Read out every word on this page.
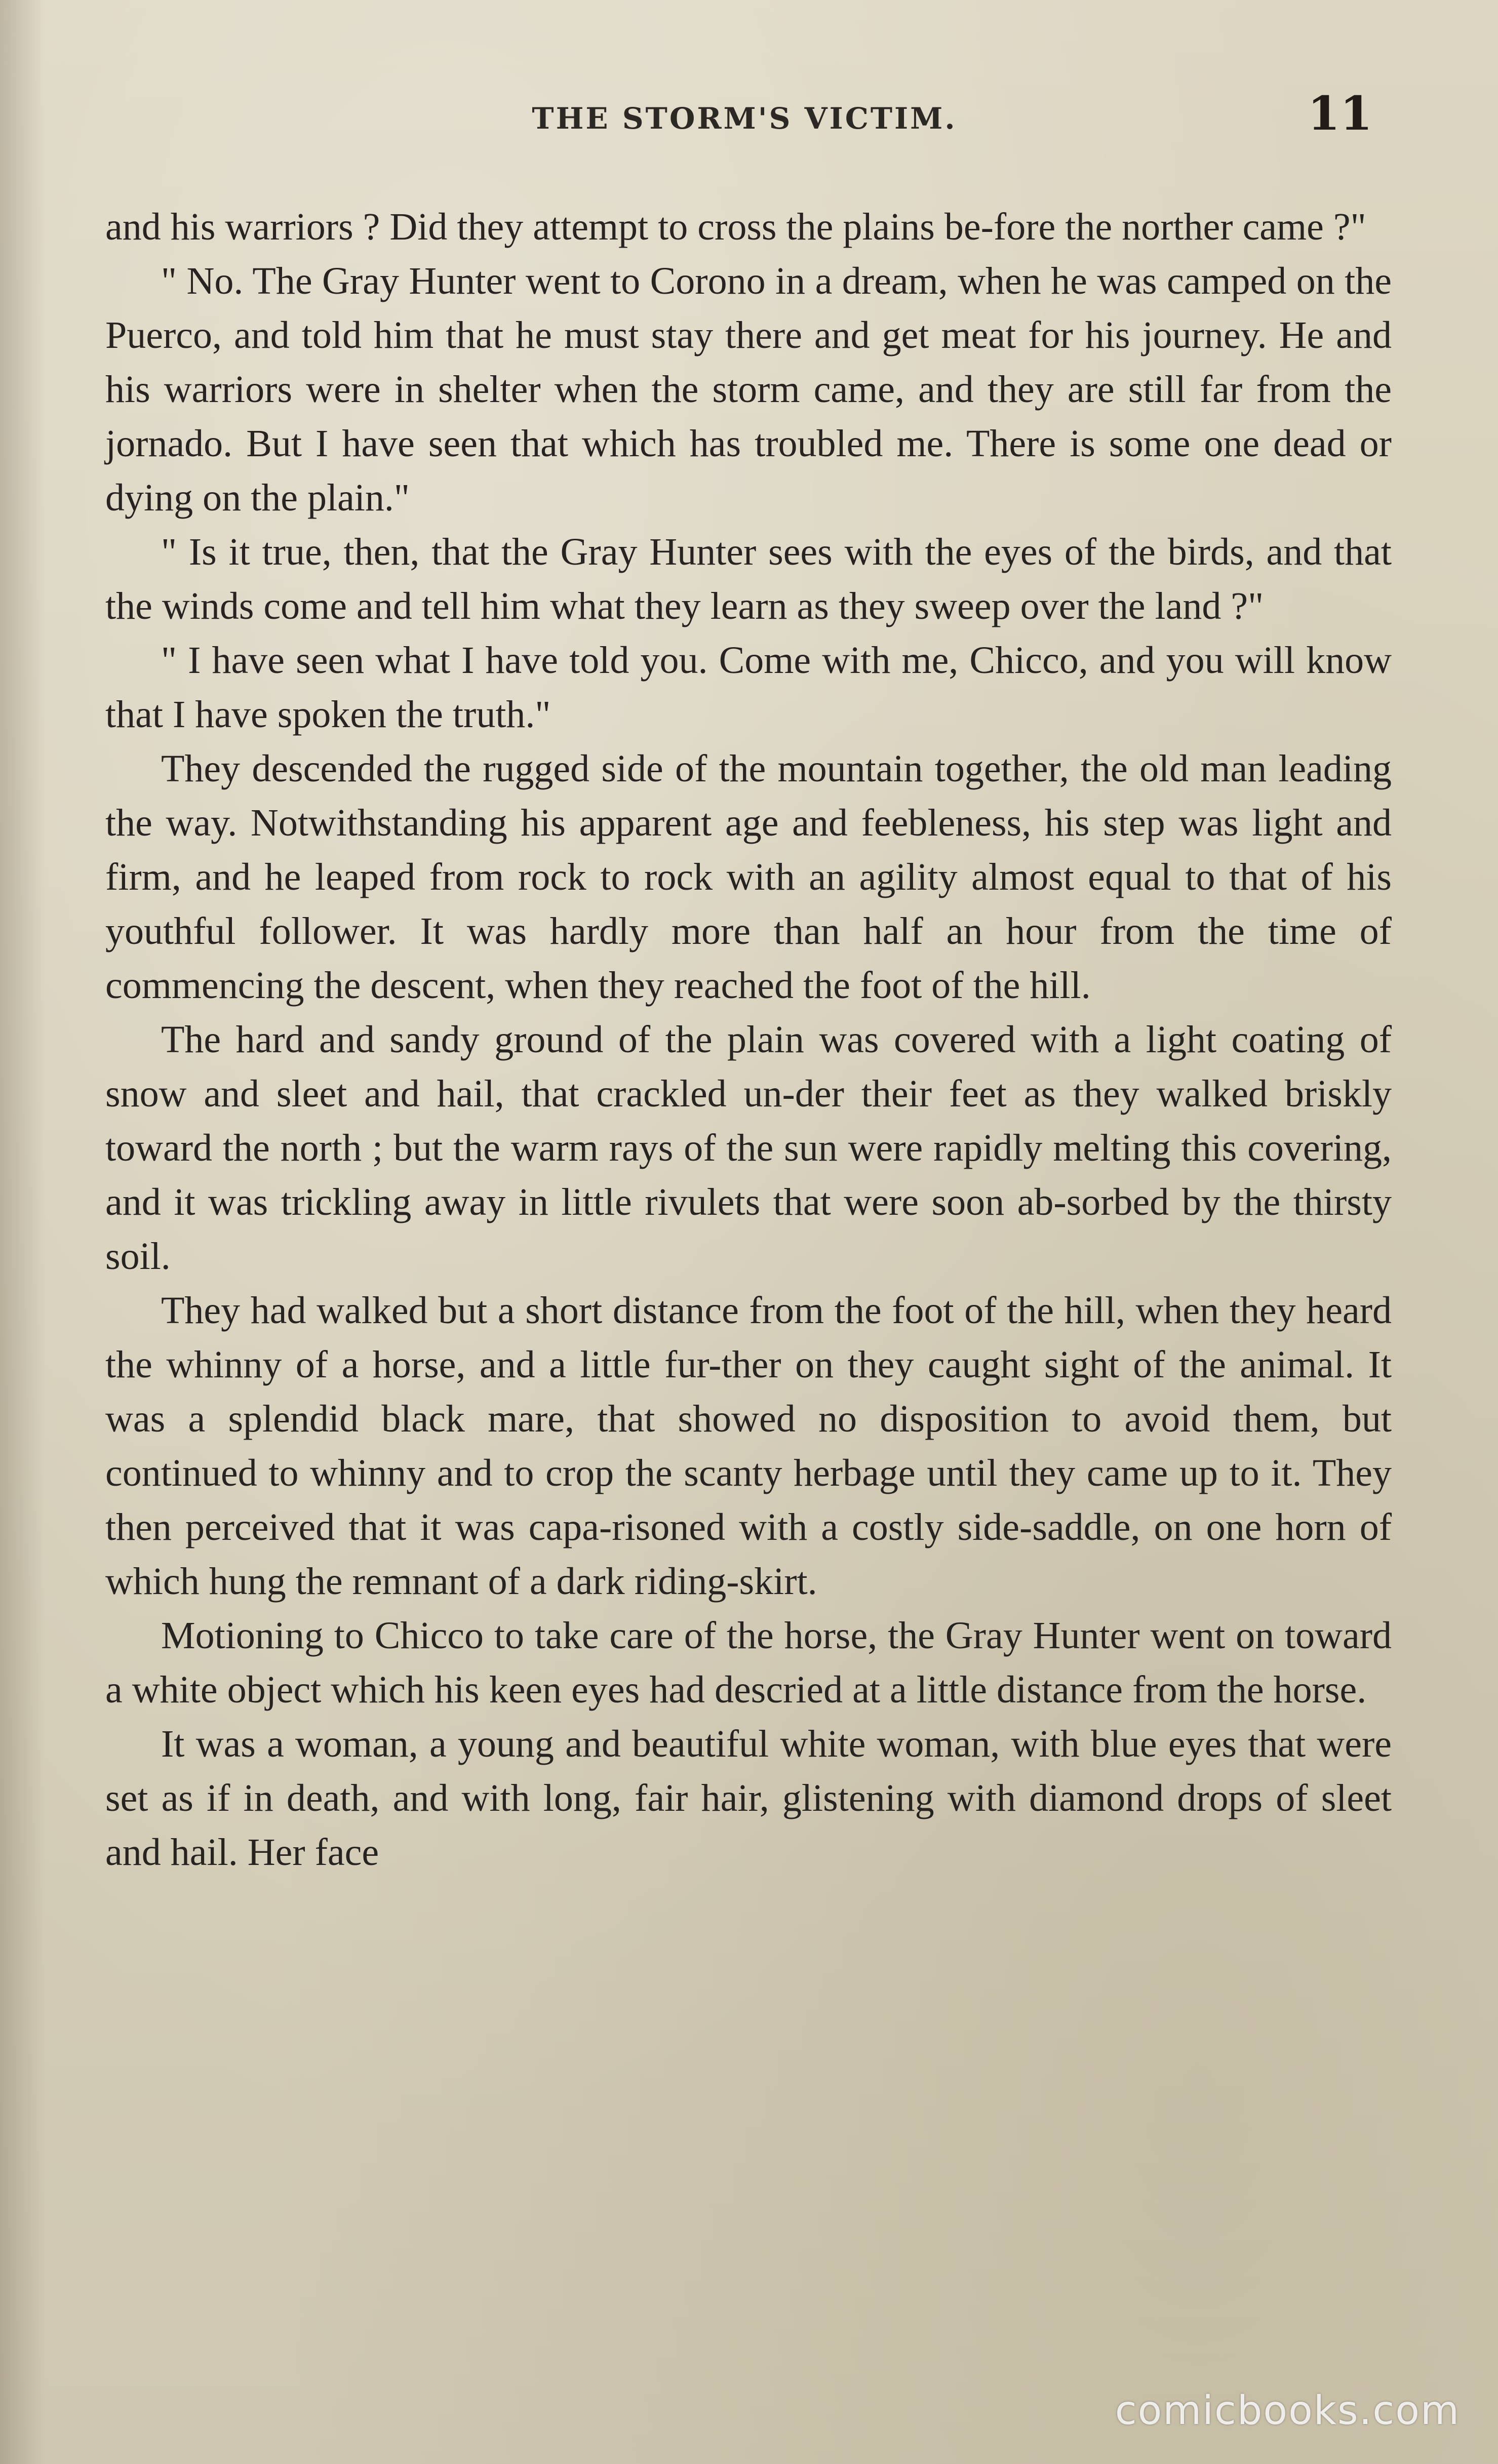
THE STORM'S VICTIM.	11

and his warriors ? Did they attempt to cross the plains be-fore the norther came ?"

" No. The Gray Hunter went to Corono in a dream, when he was camped on the Puerco, and told him that he must stay there and get meat for his journey. He and his warriors were in shelter when the storm came, and they are still far from the jornado. But I have seen that which has troubled me. There is some one dead or dying on the plain."

" Is it true, then, that the Gray Hunter sees with the eyes of the birds, and that the winds come and tell him what they learn as they sweep over the land ?"

" I have seen what I have told you. Come with me, Chicco, and you will know that I have spoken the truth."

They descended the rugged side of the mountain together, the old man leading the way. Notwithstanding his apparent age and feebleness, his step was light and firm, and he leaped from rock to rock with an agility almost equal to that of his youthful follower. It was hardly more than half an hour from the time of commencing the descent, when they reached the foot of the hill.

The hard and sandy ground of the plain was covered with a light coating of snow and sleet and hail, that crackled un-der their feet as they walked briskly toward the north ; but the warm rays of the sun were rapidly melting this covering, and it was trickling away in little rivulets that were soon ab-sorbed by the thirsty soil.

They had walked but a short distance from the foot of the hill, when they heard the whinny of a horse, and a little fur-ther on they caught sight of the animal. It was a splendid black mare, that showed no disposition to avoid them, but continued to whinny and to crop the scanty herbage until they came up to it. They then perceived that it was capa-risoned with a costly side-saddle, on one horn of which hung the remnant of a dark riding-skirt.

Motioning to Chicco to take care of the horse, the Gray Hunter went on toward a white object which his keen eyes had descried at a little distance from the horse.

It was a woman, a young and beautiful white woman, with blue eyes that were set as if in death, and with long, fair hair, glistening with diamond drops of sleet and hail. Her face

comicbooks.com
